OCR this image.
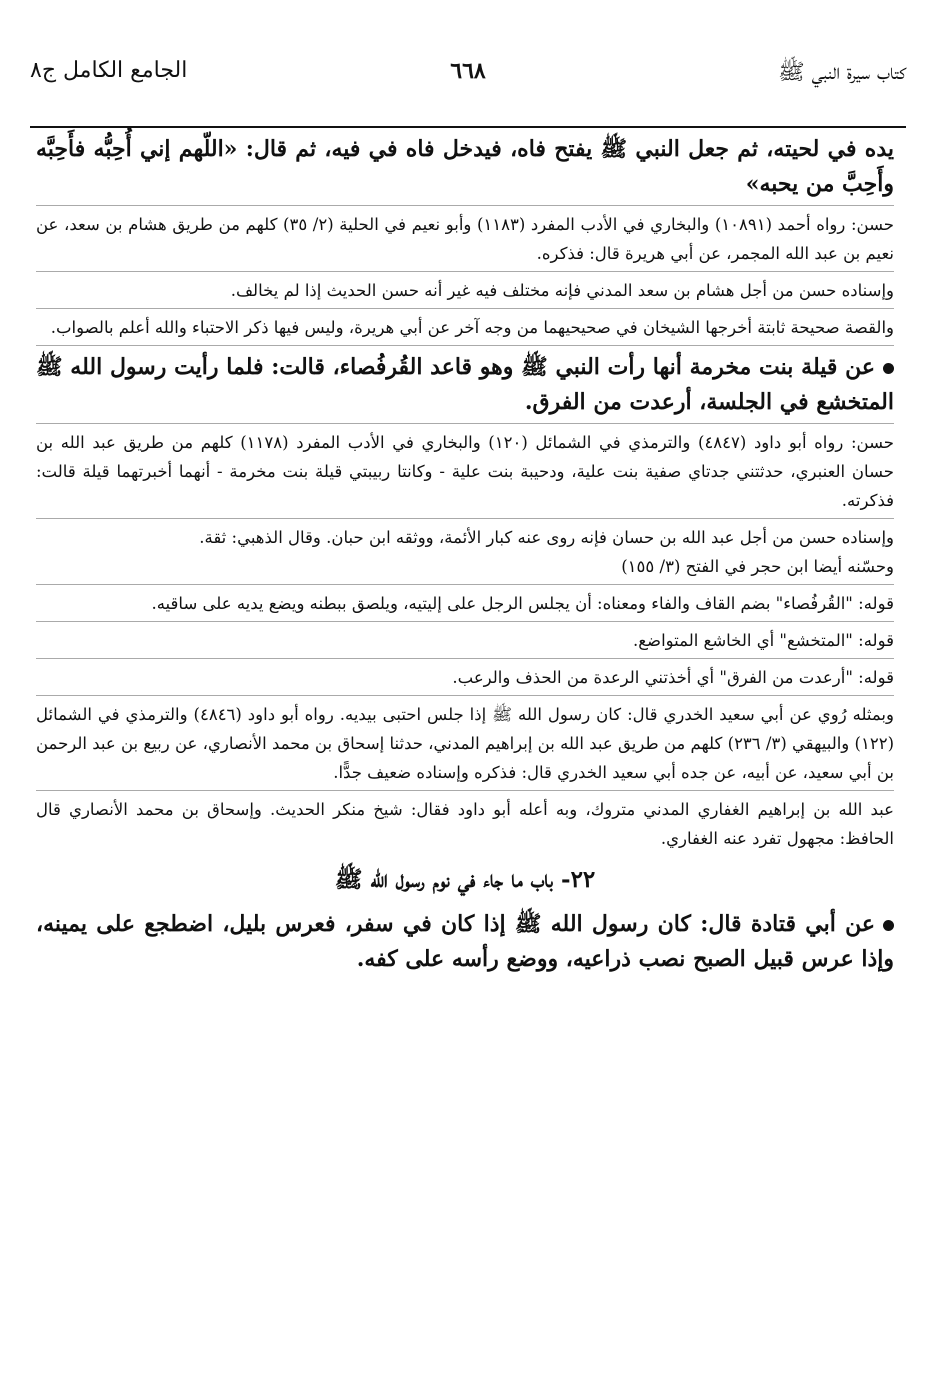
كتاب سيرة النبي ﷺ
٦٦٨
الجامع الكامل ج٨

يده في لحيته، ثم جعل النبي ﷺ يفتح فاه، فيدخل فاه في فيه، ثم قال: «اللّهم إني أُحِبُّه فأَحِبَّه وأَحِبَّ من يحبه»

حسن: رواه أحمد (١٠٨٩١) والبخاري في الأدب المفرد (١١٨٣) وأبو نعيم في الحلية (٢/ ٣٥) كلهم من طريق هشام بن سعد، عن نعيم بن عبد الله المجمر، عن أبي هريرة قال: فذكره.

وإسناده حسن من أجل هشام بن سعد المدني فإنه مختلف فيه غير أنه حسن الحديث إذا لم يخالف.

والقصة صحيحة ثابتة أخرجها الشيخان في صحيحيهما من وجه آخر عن أبي هريرة، وليس فيها ذكر الاحتباء والله أعلم بالصواب.

عن قيلة بنت مخرمة أنها رأت النبي ﷺ وهو قاعد القُرفُصاء، قالت: فلما رأيت رسول الله ﷺ المتخشع في الجلسة، أرعدت من الفرق.

حسن: رواه أبو داود (٤٨٤٧) والترمذي في الشمائل (١٢٠) والبخاري في الأدب المفرد (١١٧٨) كلهم من طريق عبد الله بن حسان العنبري، حدثتني جدتاي صفية بنت علية، ودحيبة بنت علية - وكانتا ربيبتي قيلة بنت مخرمة - أنهما أخبرتهما قيلة قالت: فذكرته.

وإسناده حسن من أجل عبد الله بن حسان فإنه روى عنه كبار الأئمة، ووثقه ابن حبان. وقال الذهبي: ثقة.

وحسّنه أيضا ابن حجر في الفتح (٣/ ١٥٥)

قوله: "القُرفُصاء" بضم القاف والفاء ومعناه: أن يجلس الرجل على إليتيه، ويلصق ببطنه ويضع يديه على ساقيه.

قوله: "المتخشع" أي الخاشع المتواضع.

قوله: "أرعدت من الفرق" أي أخذتني الرعدة من الحذف والرعب.

وبمثله رُوي عن أبي سعيد الخدري قال: كان رسول الله ﷺ إذا جلس احتبى بيديه. رواه أبو داود (٤٨٤٦) والترمذي في الشمائل (١٢٢) والبيهقي (٣/ ٢٣٦) كلهم من طريق عبد الله بن إبراهيم المدني، حدثنا إسحاق بن محمد الأنصاري، عن ربيع بن عبد الرحمن بن أبي سعيد، عن أبيه، عن جده أبي سعيد الخدري قال: فذكره وإسناده ضعيف جدًّا.

عبد الله بن إبراهيم الغفاري المدني متروك، وبه أعله أبو داود فقال: شيخ منكر الحديث. وإسحاق بن محمد الأنصاري قال الحافظ: مجهول تفرد عنه الغفاري.

٢٢- باب ما جاء في نوم رسول الله ﷺ

عن أبي قتادة قال: كان رسول الله ﷺ إذا كان في سفر، فعرس بليل، اضطجع على يمينه، وإذا عرس قبيل الصبح نصب ذراعيه، ووضع رأسه على كفه.
